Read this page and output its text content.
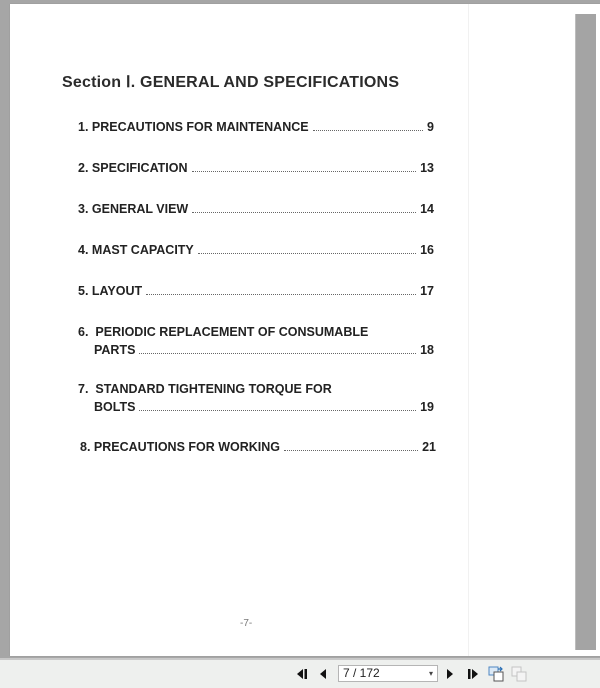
Section Ⅰ. GENERAL AND SPECIFICATIONS
1.
PRECAUTIONS FOR MAINTENANCE	9
2.
SPECIFICATION	13
3.
GENERAL VIEW	14
4.
MAST CAPACITY	16
5.
LAYOUT	17
6. PERIODIC REPLACEMENT OF CONSUMABLE
PARTS	18
7. STANDARD TIGHTENING TORQUE FOR
BOLTS	19
8.
PRECAUTIONS FOR WORKING	21
-7-
7 / 172	▾
